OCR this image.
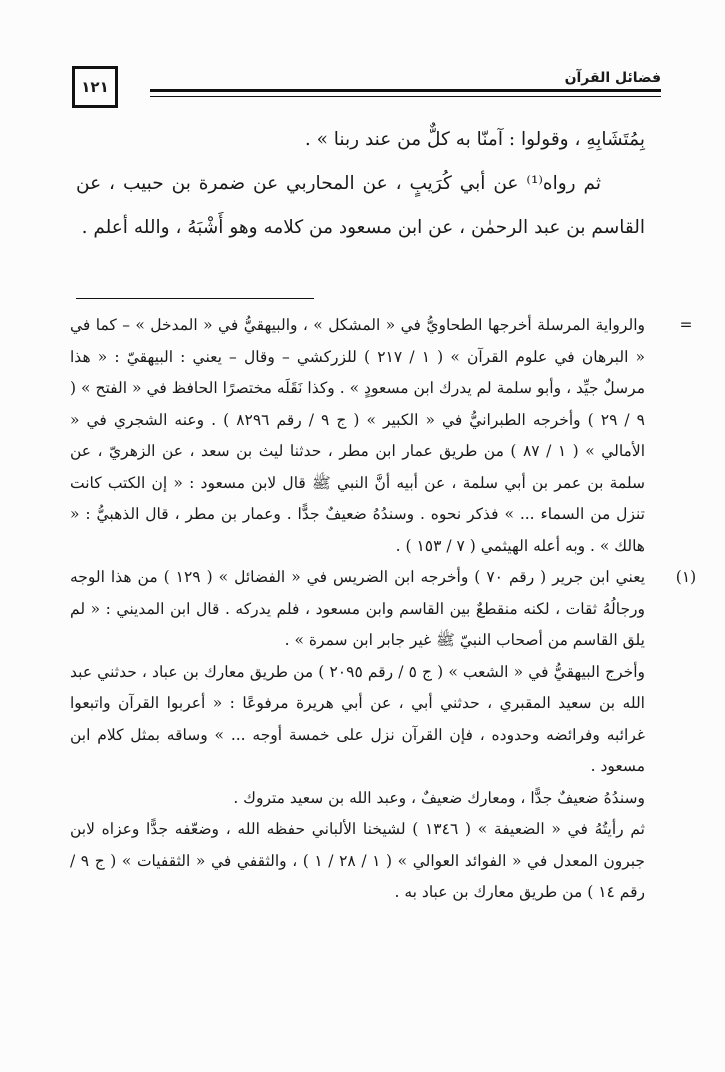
١٢١	فضائل القرآن

بِمُتَشَابِهِ ، وقولوا : آمنّا به كلٌّ من عند ربنا » .

ثم رواه⁽¹⁾ عن أبي كُرَيبٍ ، عن المحاربي عن ضمرة بن حبيب ، عن القاسم بن عبد الرحمٰن ، عن ابن مسعود من كلامه وهو أَشْبَهُ ، والله أعلم .

=

والرواية المرسلة أخرجها الطحاويُّ في « المشكل » ، والبيهقيُّ في « المدخل » – كما في « البرهان في علوم القرآن » ( ١ / ٢١٧ ) للزركشي – وقال – يعني : البيهقيّ : « هذا مرسلٌ جيِّد ، وأبو سلمة لم يدرك ابن مسعودٍ » . وكذا نَقَلَه مختصرًا الحافظ في « الفتح » ( ٩ / ٢٩ ) وأخرجه الطبرانيُّ في « الكبير » ( ج ٩ / رقم ٨٢٩٦ ) . وعنه الشجري في « الأمالي » ( ١ / ٨٧ ) من طريق عمار ابن مطر ، حدثنا ليث بن سعد ، عن الزهريّ ، عن سلمة بن عمر بن أبي سلمة ، عن أبيه أنَّ النبي ﷺ قال لابن مسعود : « إن الكتب كانت تنزل من السماء ... » فذكر نحوه . وسندُهُ ضعيفٌ جدًّا . وعمار بن مطر ، قال الذهبيُّ : « هالك » . وبه أعله الهيثمي ( ٧ / ١٥٣ ) .

(١)

يعني ابن جرير ( رقم ٧٠ ) وأخرجه ابن الضريس في « الفضائل » ( ١٢٩ ) من هذا الوجه ورجالُهُ ثقات ، لكنه منقطعٌ بين القاسم وابن مسعود ، فلم يدركه . قال ابن المديني : « لم يلق القاسم من أصحاب النبيّ ﷺ غير جابر ابن سمرة » .

وأخرج البيهقيُّ في « الشعب » ( ج ٥ / رقم ٢٠٩٥ ) من طريق معارك بن عباد ، حدثني عبد الله بن سعيد المقبري ، حدثني أبي ، عن أبي هريرة مرفوعًا : « أعربوا القرآن واتبعوا غرائبه وفرائضه وحدوده ، فإن القرآن نزل على خمسة أوجه ... » وساقه بمثل كلام ابن مسعود .

وسندُهُ ضعيفٌ جدًّا ، ومعارك ضعيفٌ ، وعبد الله بن سعيد متروك .

ثم رأيتُهُ في « الضعيفة » ( ١٣٤٦ ) لشيخنا الألباني حفظه الله ، وضعّفه جدًّا وعزاه لابن جبرون المعدل في « الفوائد العوالي » ( ١ / ٢٨ / ١ ) ، والثقفي في « الثقفيات » ( ج ٩ / رقم ١٤ ) من طريق معارك بن عباد به .
